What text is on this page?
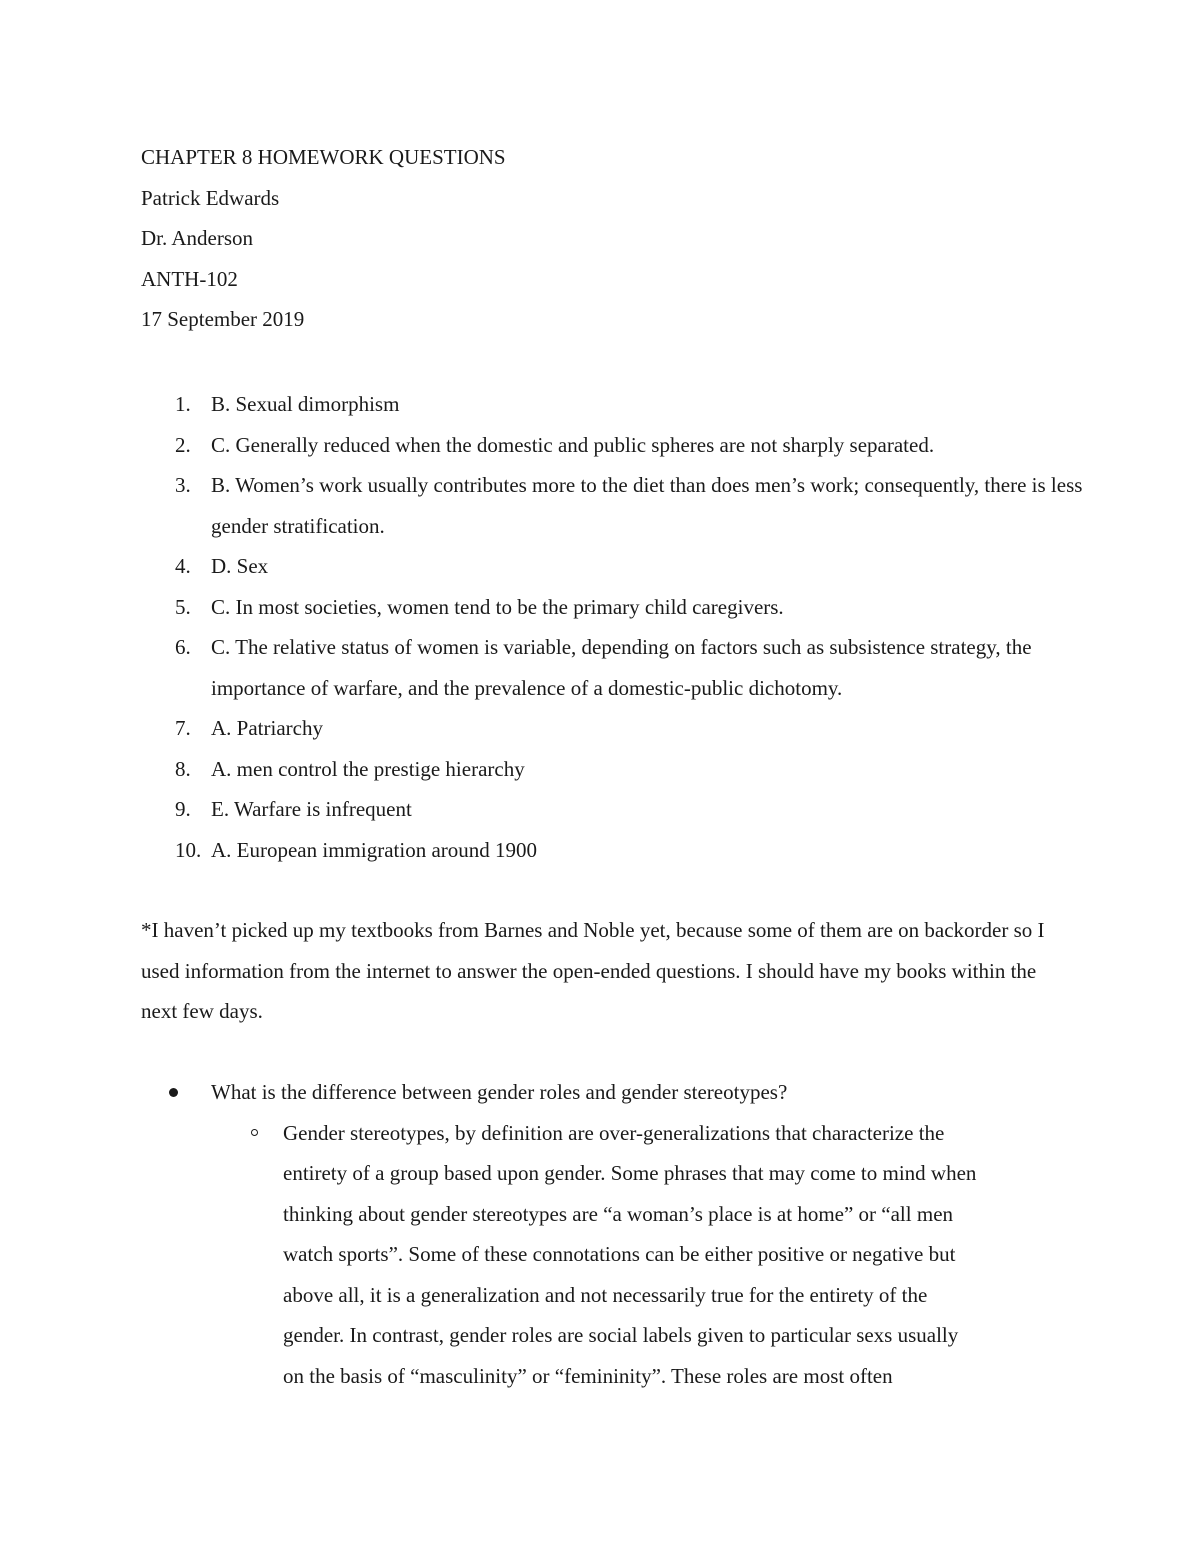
CHAPTER 8 HOMEWORK QUESTIONS
Patrick Edwards
Dr. Anderson
ANTH-102
17 September 2019
1. B. Sexual dimorphism
2. C. Generally reduced when the domestic and public spheres are not sharply separated.
3. B. Women’s work usually contributes more to the diet than does men’s work; consequently, there is less gender stratification.
4. D. Sex
5. C. In most societies, women tend to be the primary child caregivers.
6. C. The relative status of women is variable, depending on factors such as subsistence strategy, the importance of warfare, and the prevalence of a domestic-public dichotomy.
7. A. Patriarchy
8. A. men control the prestige hierarchy
9. E. Warfare is infrequent
10. A. European immigration around 1900

*I haven’t picked up my textbooks from Barnes and Noble yet, because some of them are on backorder so I used information from the internet to answer the open-ended questions. I should have my books within the next few days.

What is the difference between gender roles and gender stereotypes?
Gender stereotypes, by definition are over-generalizations that characterize the entirety of a group based upon gender. Some phrases that may come to mind when thinking about gender stereotypes are “a woman’s place is at home” or “all men watch sports”. Some of these connotations can be either positive or negative but above all, it is a generalization and not necessarily true for the entirety of the gender. In contrast, gender roles are social labels given to particular sexs usually on the basis of “masculinity” or “femininity”. These roles are most often
